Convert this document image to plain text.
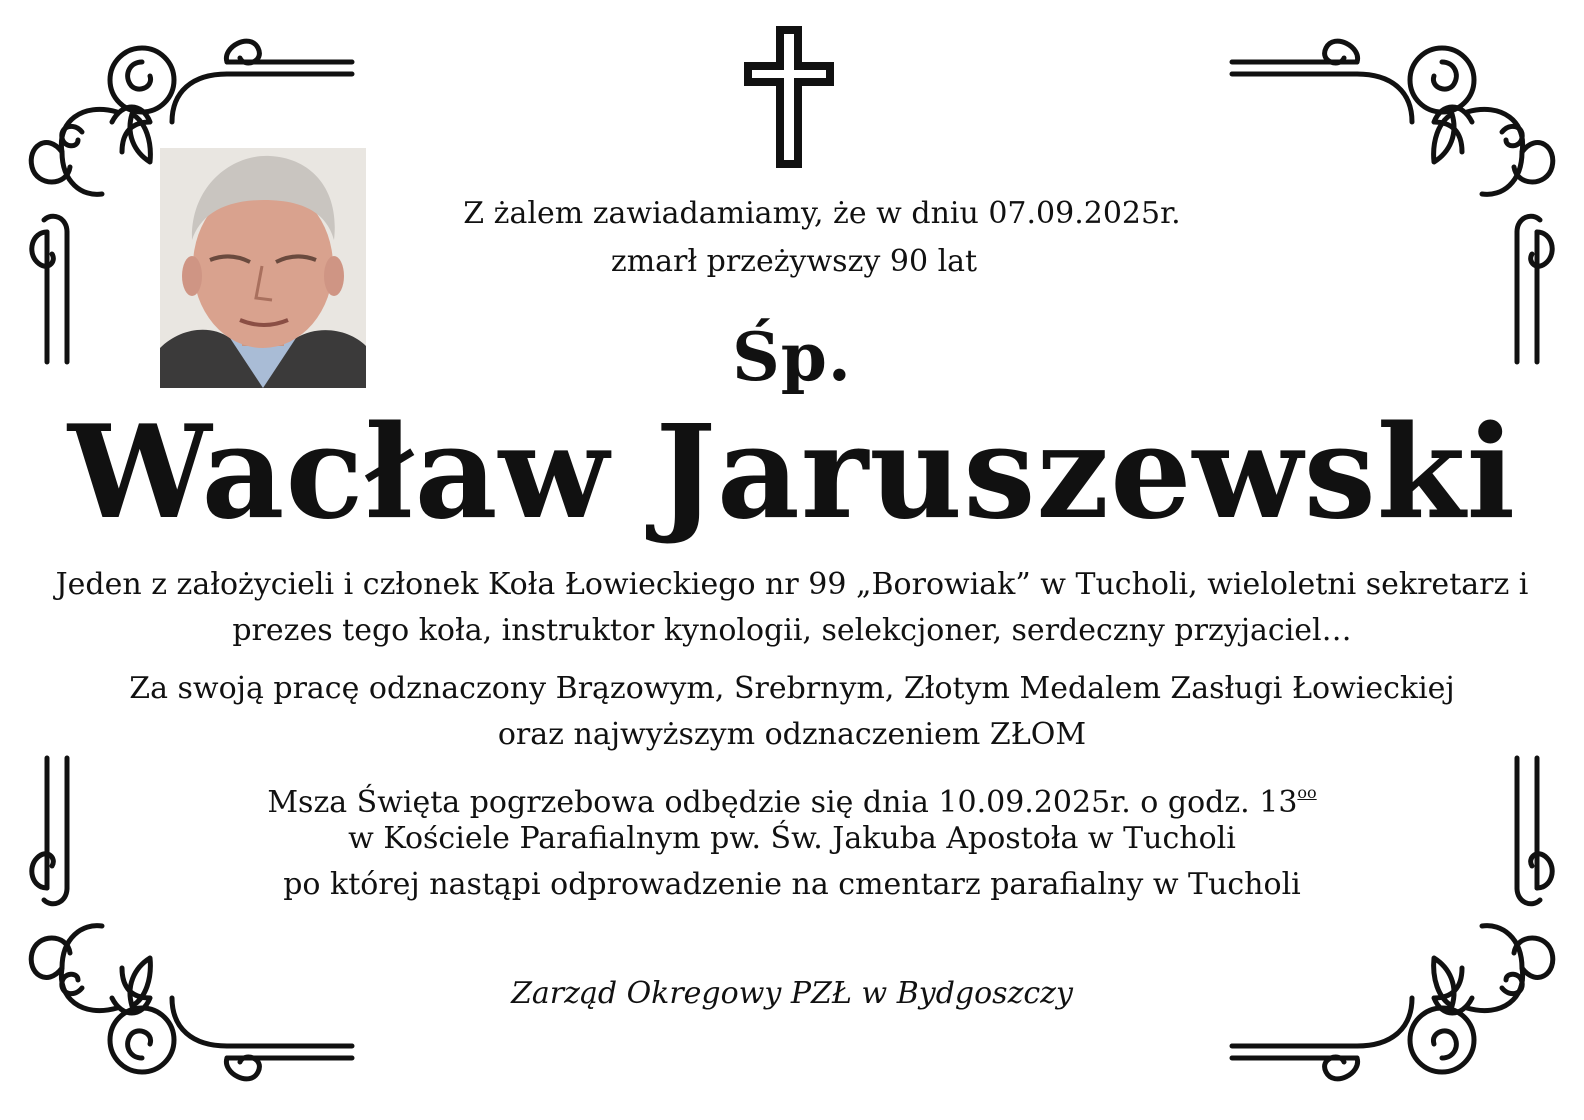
Z żalem zawiadamiamy, że w dniu 07.09.2025r.
zmarł przeżywszy 90 lat
Śp.
Wacław Jaruszewski
Jeden z założycieli i członek Koła Łowieckiego nr 99 „Borowiak” w Tucholi, wieloletni sekretarz i
prezes tego koła, instruktor kynologii, selekcjoner, serdeczny przyjaciel…
Za swoją pracę odznaczony Brązowym, Srebrnym, Złotym Medalem Zasługi Łowieckiej
oraz najwyższym odznaczeniem ZŁOM
Msza Święta pogrzebowa odbędzie się dnia 10.09.2025r. o godz. $13^{oo}$
w Kościele Parafialnym pw. Św. Jakuba Apostoła w Tucholi
po której nastąpi odprowadzenie na cmentarz parafialny w Tucholi
Zarząd Okregowy PZŁ w Bydgoszczy
